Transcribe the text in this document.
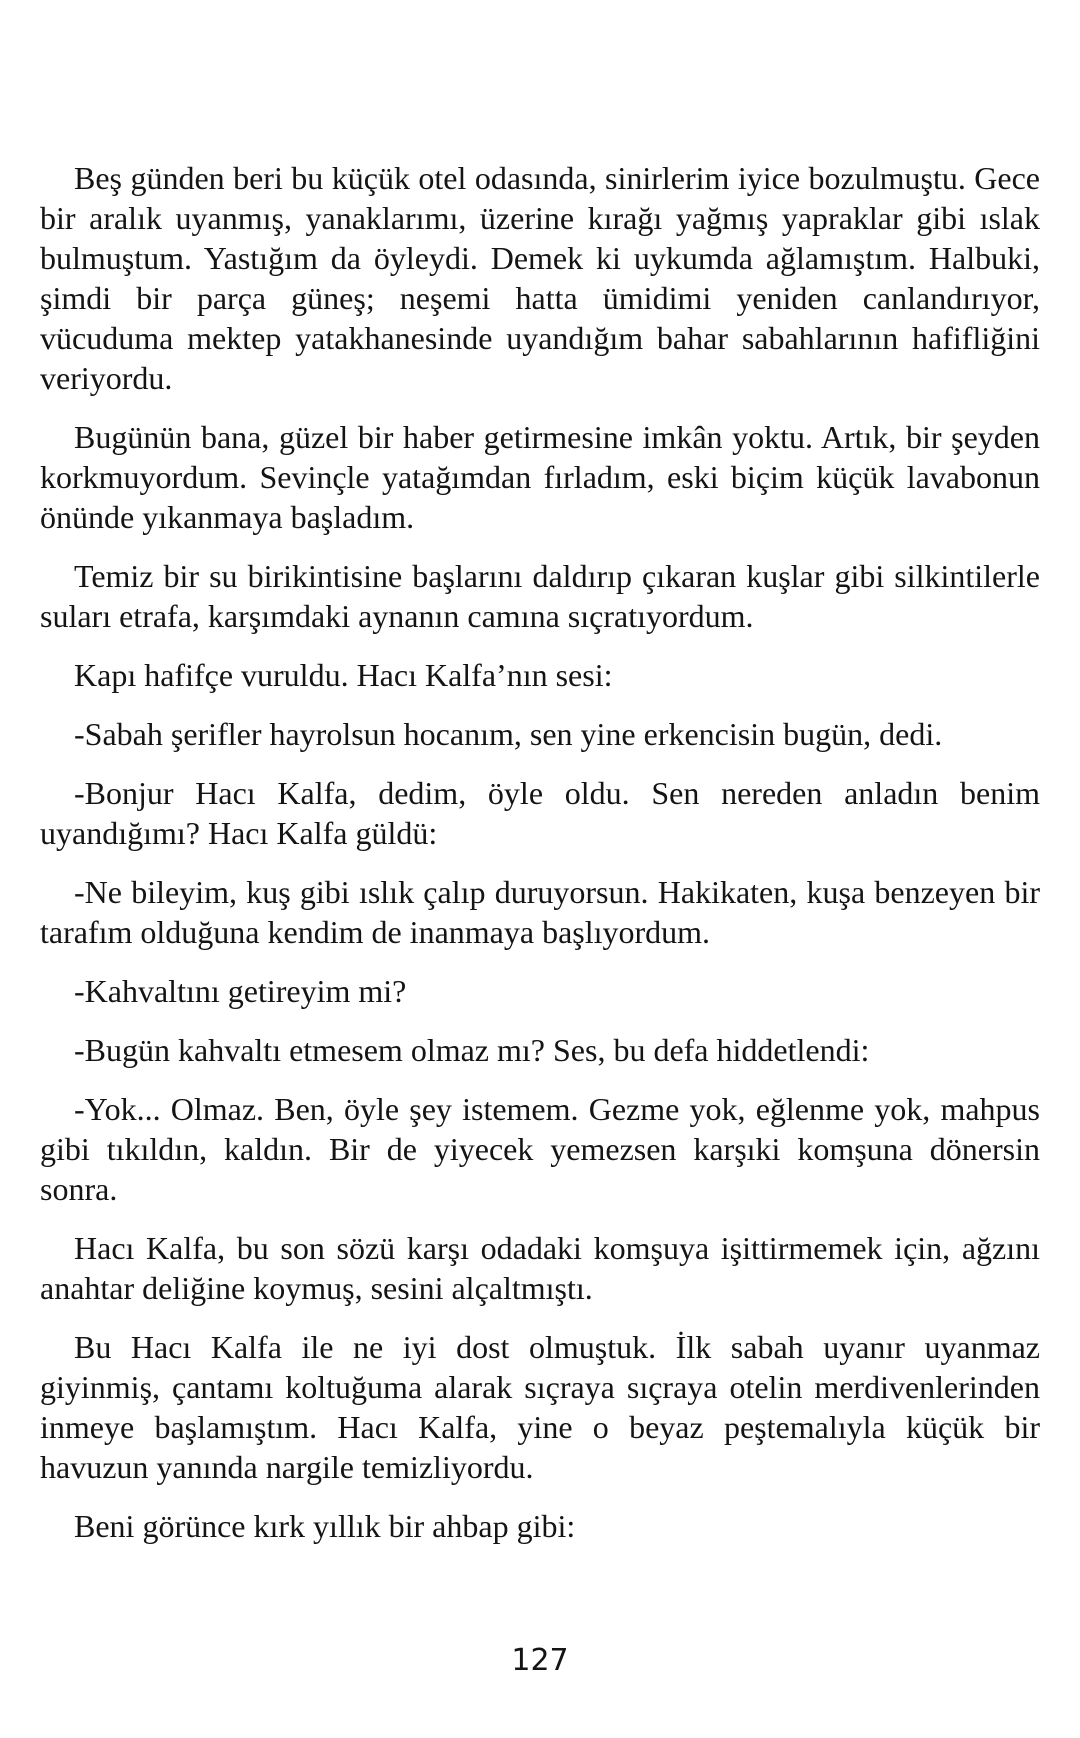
Beş günden beri bu küçük otel odasında, sinirlerim iyice bozulmuştu. Gece bir aralık uyanmış, yanaklarımı, üzerine kırağı yağmış yapraklar gibi ıslak bulmuştum. Yastığım da öyleydi. Demek ki uykumda ağlamıştım. Halbuki, şimdi bir parça güneş; neşemi hatta ümidimi yeniden canlandırıyor, vücuduma mektep yatakhanesinde uyandığım bahar sabahlarının hafifliğini veriyordu.

Bugünün bana, güzel bir haber getirmesine imkân yoktu. Artık, bir şeyden korkmuyordum. Sevinçle yatağımdan fırladım, eski biçim küçük lavabonun önünde yıkanmaya başladım.

Temiz bir su birikintisine başlarını daldırıp çıkaran kuşlar gibi silkintilerle suları etrafa, karşımdaki aynanın camına sıçratıyordum.

Kapı hafifçe vuruldu. Hacı Kalfa’nın sesi:

-Sabah şerifler hayrolsun hocanım, sen yine erkencisin bugün, dedi.

-Bonjur Hacı Kalfa, dedim, öyle oldu. Sen nereden anladın benim uyandığımı? Hacı Kalfa güldü:

-Ne bileyim, kuş gibi ıslık çalıp duruyorsun. Hakikaten, kuşa benzeyen bir tarafım olduğuna kendim de inanmaya başlıyordum.

-Kahvaltını getireyim mi?

-Bugün kahvaltı etmesem olmaz mı? Ses, bu defa hiddetlendi:

-Yok... Olmaz. Ben, öyle şey istemem. Gezme yok, eğlenme yok, mahpus gibi tıkıldın, kaldın. Bir de yiyecek yemezsen karşıki komşuna dönersin sonra.

Hacı Kalfa, bu son sözü karşı odadaki komşuya işittirmemek için, ağzını anahtar deliğine koymuş, sesini alçaltmıştı.

Bu Hacı Kalfa ile ne iyi dost olmuştuk. İlk sabah uyanır uyanmaz giyinmiş, çantamı koltuğuma alarak sıçraya sıçraya otelin merdivenlerinden inmeye başlamıştım. Hacı Kalfa, yine o beyaz peştemalıyla küçük bir havuzun yanında nargile temizliyordu.

Beni görünce kırk yıllık bir ahbap gibi:

127
